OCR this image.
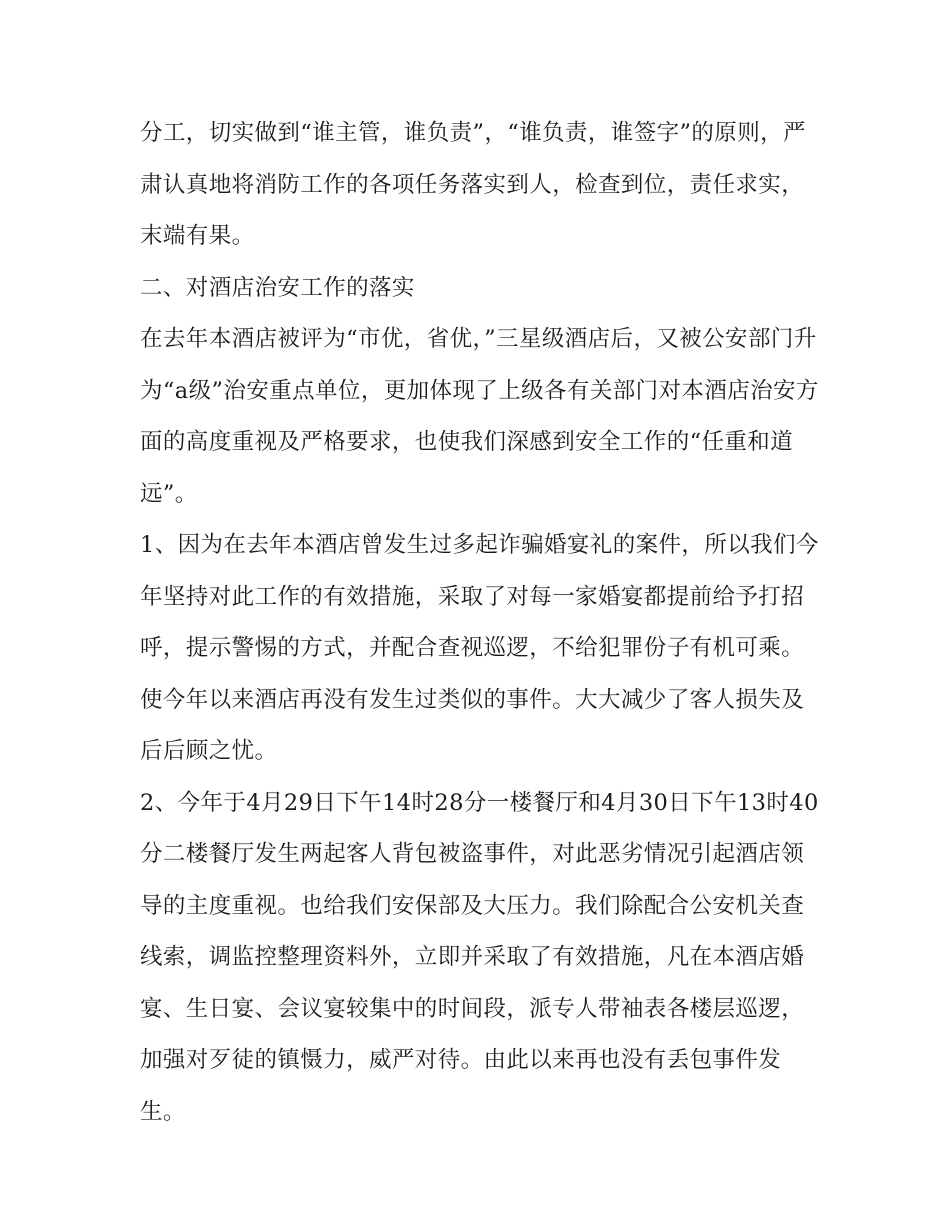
分工，切实做到“谁主管，谁负责”，“谁负责，谁签字”的原则，严肃认真地将消防工作的各项任务落实到人，检查到位，责任求实，末端有果。

二、对酒店治安工作的落实

在去年本酒店被评为“市优，省优，”三星级酒店后，又被公安部门升为“a级”治安重点单位，更加体现了上级各有关部门对本酒店治安方面的高度重视及严格要求，也使我们深感到安全工作的“任重和道远”。

1、因为在去年本酒店曾发生过多起诈骗婚宴礼的案件，所以我们今年坚持对此工作的有效措施，采取了对每一家婚宴都提前给予打招呼，提示警惕的方式，并配合查视巡逻，不给犯罪份子有机可乘。使今年以来酒店再没有发生过类似的事件。大大减少了客人损失及后后顾之忧。

2、今年于4月29日下午14时28分一楼餐厅和4月30日下午13时40分二楼餐厅发生两起客人背包被盗事件，对此恶劣情况引起酒店领导的主度重视。也给我们安保部及大压力。我们除配合公安机关查线索，调监控整理资料外，立即并采取了有效措施，凡在本酒店婚宴、生日宴、会议宴较集中的时间段，派专人带袖表各楼层巡逻，加强对歹徒的镇慑力，威严对待。由此以来再也没有丢包事件发生。
